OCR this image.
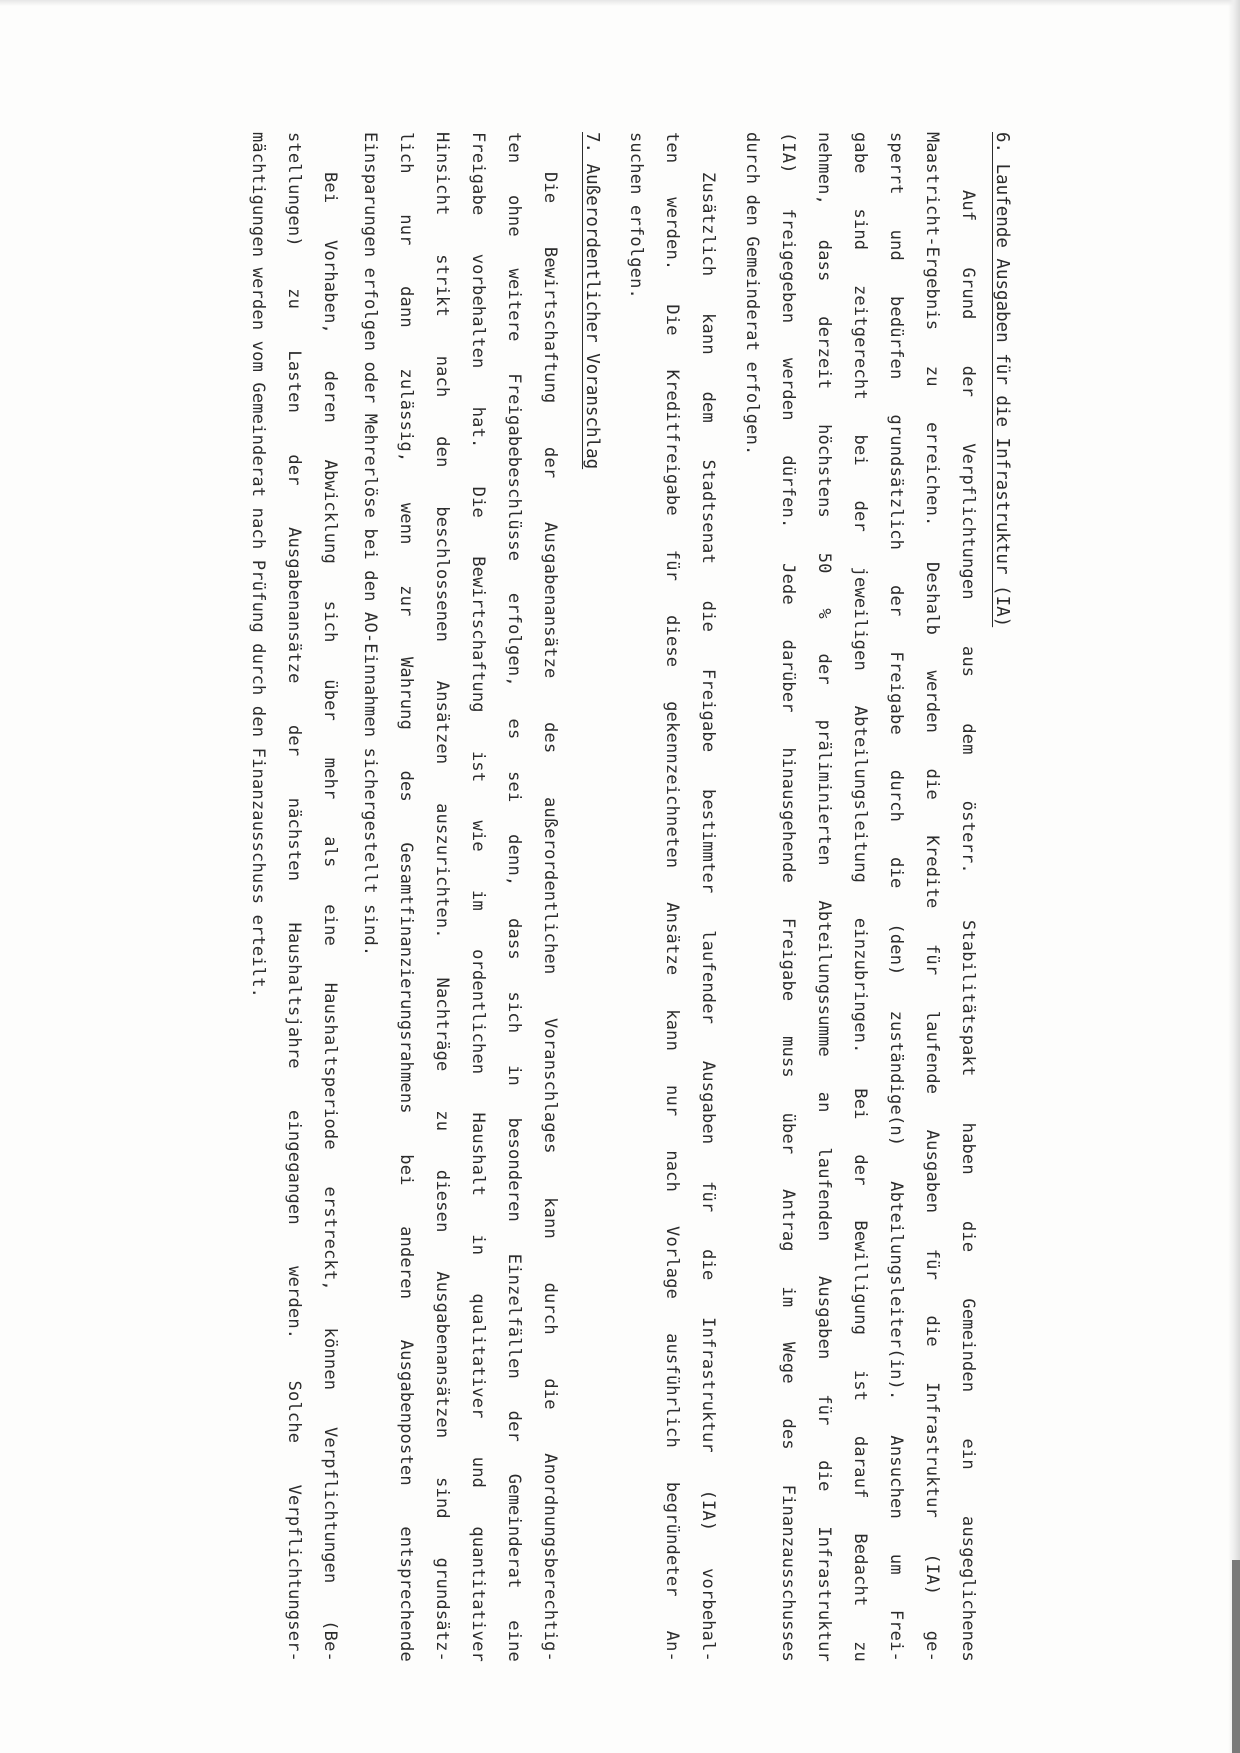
6. Laufende Ausgaben für die Infrastruktur (IA)
Auf Grund der Verpflichtungen aus dem österr. Stabilitätspakt haben die Gemeinden ein ausgeglichenes
Maastricht-Ergebnis zu erreichen. Deshalb werden die Kredite für laufende Ausgaben für die Infrastruktur (IA) ge-
sperrt und bedürfen grundsätzlich der Freigabe durch die (den) zuständige(n) Abteilungsleiter(in). Ansuchen um Frei-
gabe sind zeitgerecht bei der jeweiligen Abteilungsleitung einzubringen. Bei der Bewilligung ist darauf Bedacht zu
nehmen, dass derzeit höchstens 50 % der präliminierten Abteilungssumme an laufenden Ausgaben für die Infrastruktur
(IA) freigegeben werden dürfen. Jede darüber hinausgehende Freigabe muss über Antrag im Wege des Finanzausschusses
durch den Gemeinderat erfolgen.
Zusätzlich kann dem Stadtsenat die Freigabe bestimmter laufender Ausgaben für die Infrastruktur (IA) vorbehal-
ten werden. Die Kreditfreigabe für diese gekennzeichneten Ansätze kann nur nach Vorlage ausführlich begründeter An-
suchen erfolgen.
7. Außerordentlicher Voranschlag
Die Bewirtschaftung der Ausgabenansätze des außerordentlichen Voranschlages kann durch die Anordnungsberechtig-
ten ohne weitere Freigabebeschlüsse erfolgen, es sei denn, dass sich in besonderen Einzelfällen der Gemeinderat eine
Freigabe vorbehalten hat. Die Bewirtschaftung ist wie im ordentlichen Haushalt in qualitativer und quantitativer
Hinsicht strikt nach den beschlossenen Ansätzen auszurichten. Nachträge zu diesen Ausgabenansätzen sind grundsätz-
lich nur dann zulässig, wenn zur Wahrung des Gesamtfinanzierungsrahmens bei anderen Ausgabenposten entsprechende
Einsparungen erfolgen oder Mehrerlöse bei den AO-Einnahmen sichergestellt sind.
Bei Vorhaben, deren Abwicklung sich über mehr als eine Haushaltsperiode erstreckt, können Verpflichtungen (Be-
stellungen) zu Lasten der Ausgabenansätze der nächsten Haushaltsjahre eingegangen werden. Solche Verpflichtungser-
mächtigungen werden vom Gemeinderat nach Prüfung durch den Finanzausschuss erteilt.
